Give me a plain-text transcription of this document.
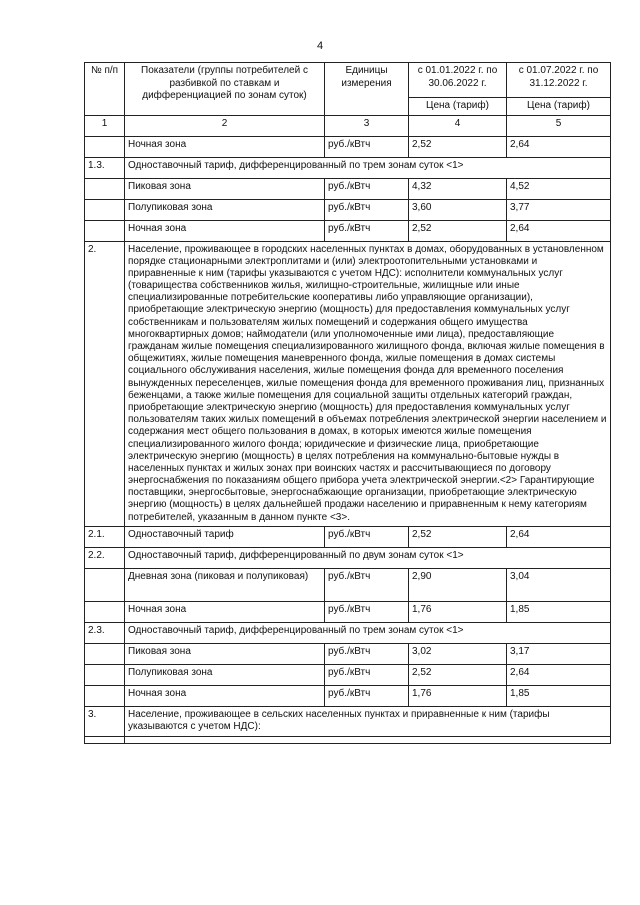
4
№ п/п	Показатели (группы потребителей с разбивкой по ставкам и дифференциацией по зонам суток)	Единицы измерения	с 01.01.2022 г. по 30.06.2022 г.	с 01.07.2022 г. по 31.12.2022 г.
			Цена (тариф)	Цена (тариф)
1	2	3	4	5
	Ночная зона	руб./кВтч	2,52	2,64
1.3.	Одноставочный тариф, дифференцированный по трем зонам суток <1>			
	Пиковая зона	руб./кВтч	4,32	4,52
	Полупиковая зона	руб./кВтч	3,60	3,77
	Ночная зона	руб./кВтч	2,52	2,64
2.	Население, проживающее в городских населенных пунктах в домах, оборудованных в установленном порядке стационарными электроплитами и (или) электроотопительными установками и приравненные к ним (тарифы указываются с учетом НДС): исполнители коммунальных услуг (товарищества собственников жилья, жилищно-строительные, жилищные или иные специализированные потребительские кооперативы либо управляющие организации), приобретающие электрическую энергию (мощность) для предоставления коммунальных услуг собственникам и пользователям жилых помещений и содержания общего имущества многоквартирных домов; наймодатели (или уполномоченные ими лица), предоставляющие гражданам жилые помещения специализированного жилищного фонда, включая жилые помещения в общежитиях, жилые помещения маневренного фонда, жилые помещения в домах системы социального обслуживания населения, жилые помещения фонда для временного поселения вынужденных переселенцев, жилые помещения фонда для временного проживания лиц, признанных беженцами, а также жилые помещения для социальной защиты отдельных категорий граждан, приобретающие электрическую энергию (мощность) для предоставления коммунальных услуг пользователям таких жилых помещений в объемах потребления электрической энергии населением и содержания мест общего пользования в домах, в которых имеются жилые помещения специализированного жилого фонда; юридические и физические лица, приобретающие электрическую энергию (мощность) в целях потребления на коммунально-бытовые нужды в населенных пунктах и жилых зонах при воинских частях и рассчитывающиеся по договору энергоснабжения по показаниям общего прибора учета электрической энергии.<2> Гарантирующие поставщики, энергосбытовые, энергоснабжающие организации, приобретающие электрическую энергию (мощность) в целях дальнейшей продажи населению и приравненным к нему категориям потребителей, указанным в данном пункте <3>.			
2.1.	Одноставочный тариф	руб./кВтч	2,52	2,64
2.2.	Одноставочный тариф, дифференцированный по двум зонам суток <1>			
	Дневная зона (пиковая и полупиковая)	руб./кВтч	2,90	3,04
	Ночная зона	руб./кВтч	1,76	1,85
2.3.	Одноставочный тариф, дифференцированный по трем зонам суток <1>			
	Пиковая зона	руб./кВтч	3,02	3,17
	Полупиковая зона	руб./кВтч	2,52	2,64
	Ночная зона	руб./кВтч	1,76	1,85
3.	Население, проживающее в сельских населенных пунктах и приравненные к ним (тарифы указываются с учетом НДС):			
